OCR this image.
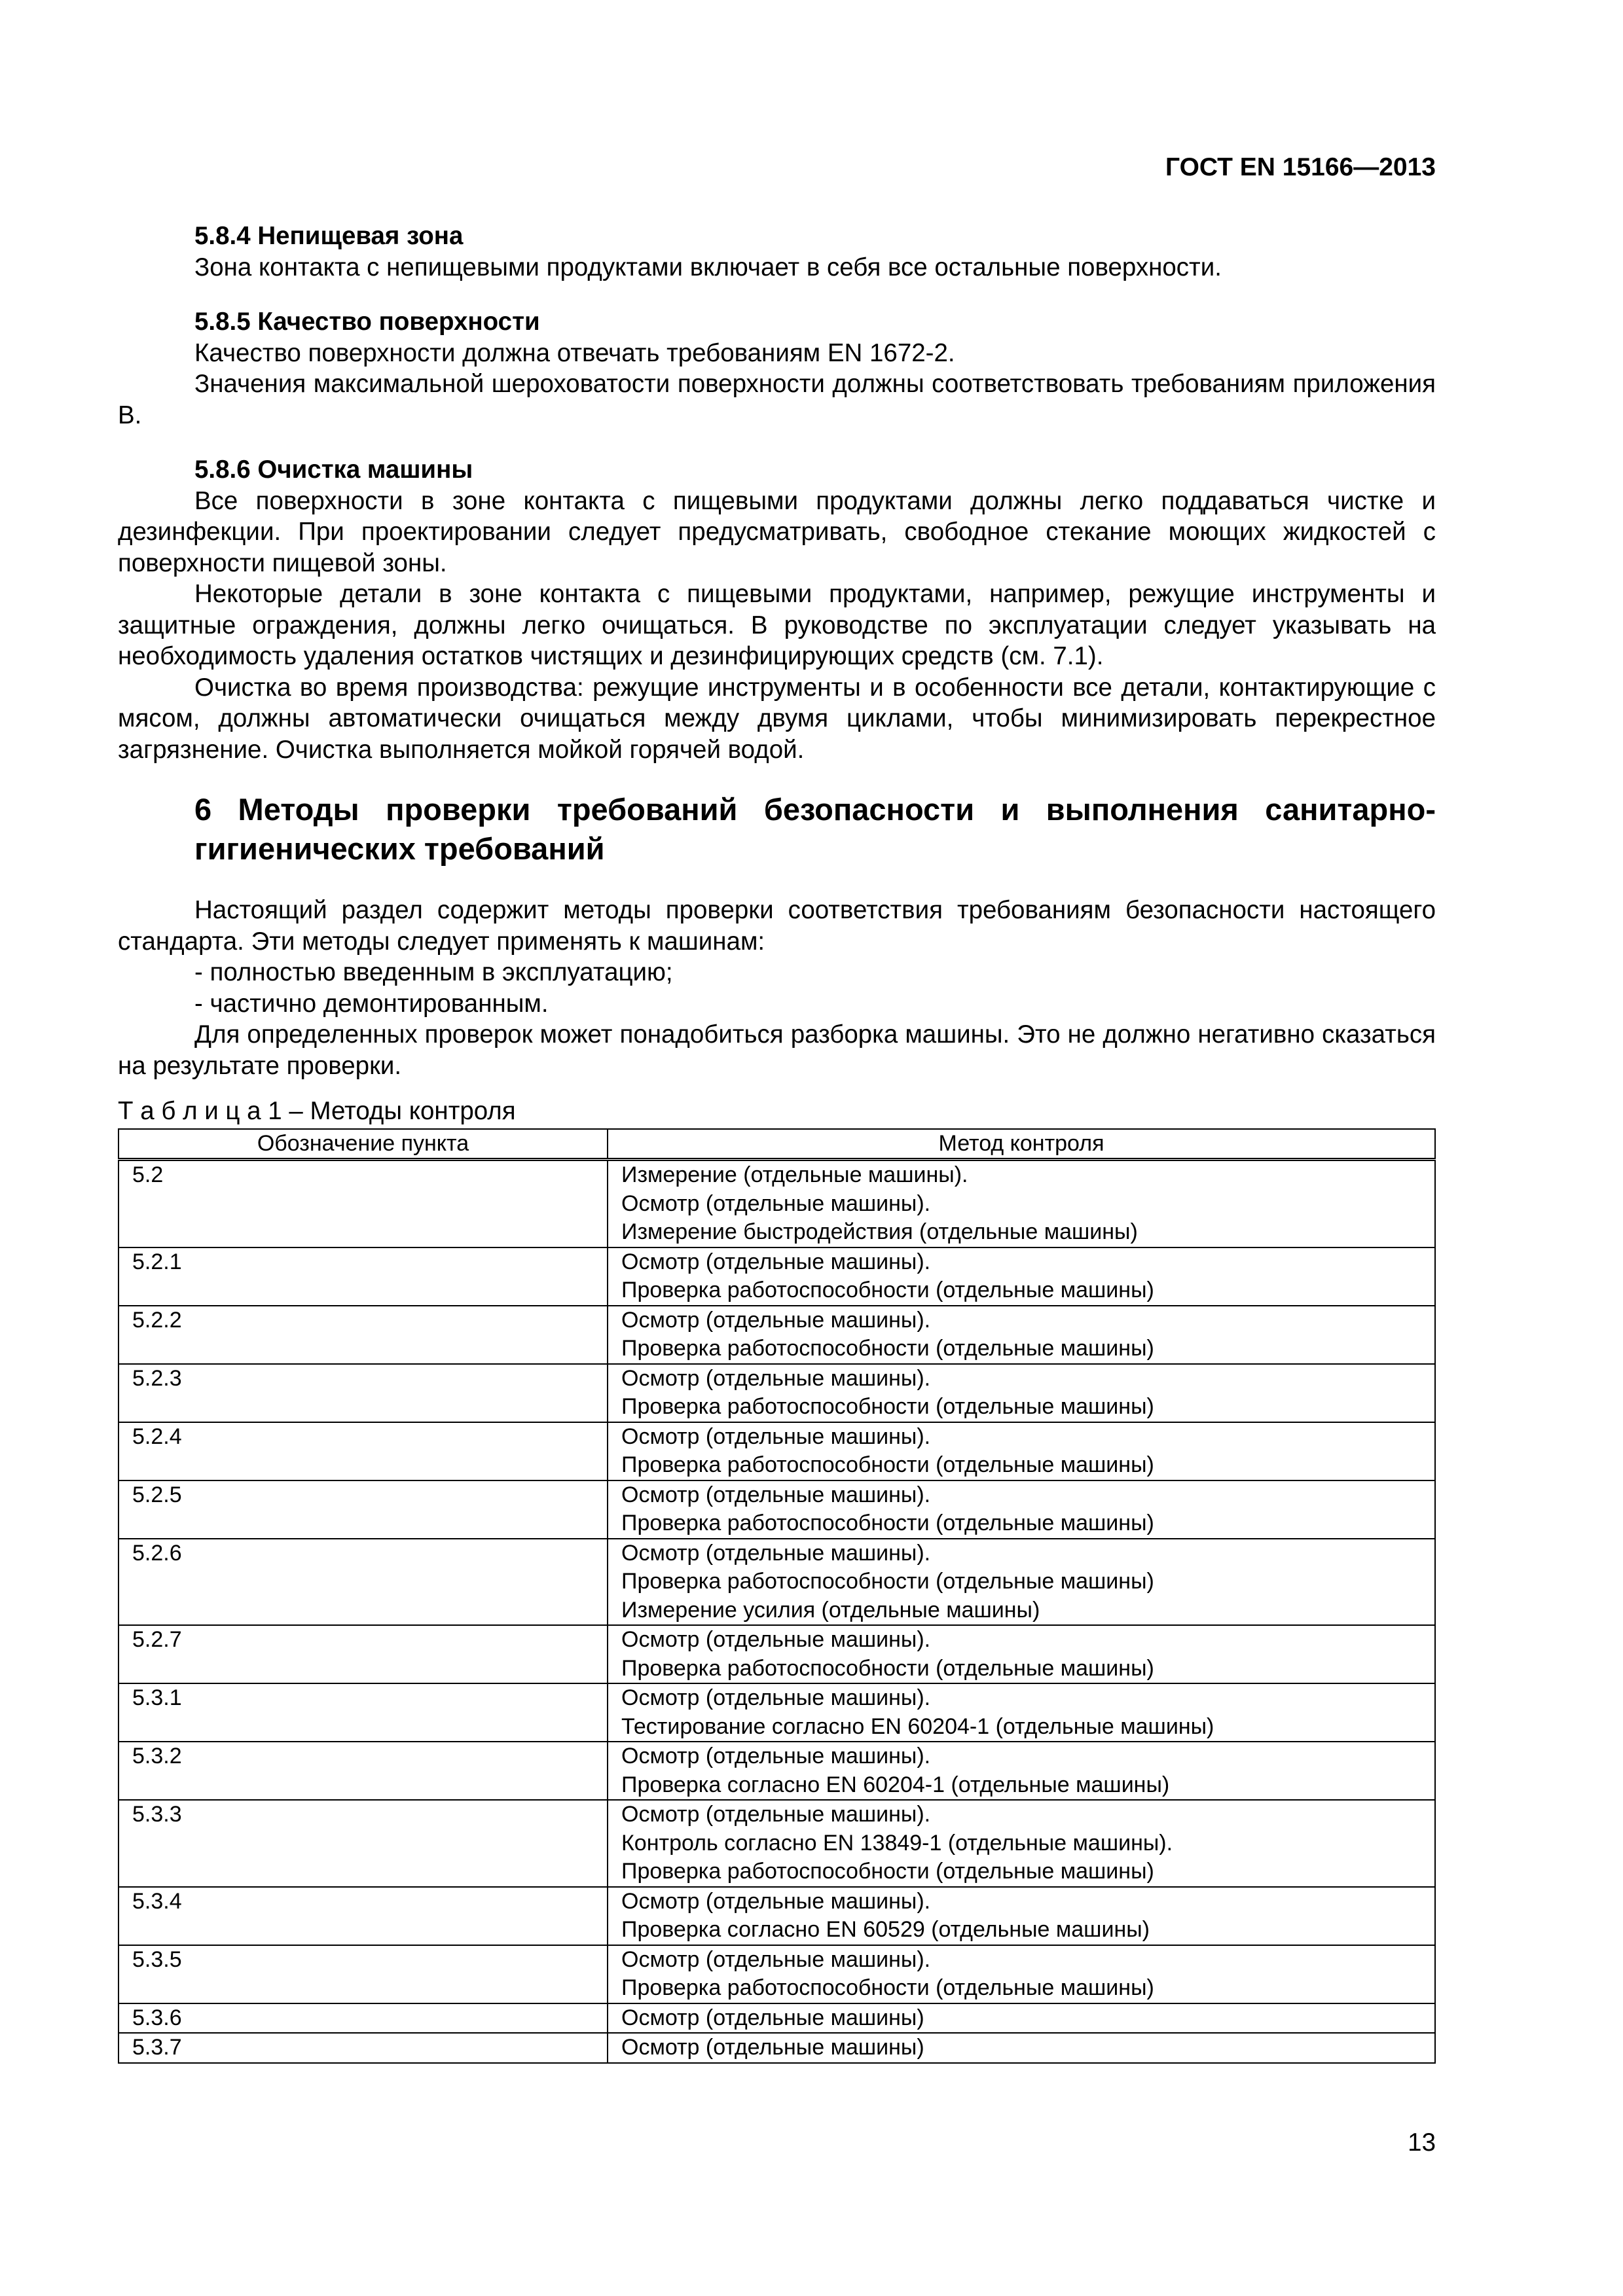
ГОСТ EN 15166—2013

5.8.4 Непищевая зона

Зона контакта с непищевыми продуктами включает в себя все остальные поверхности.

5.8.5 Качество поверхности

Качество поверхности должна отвечать требованиям EN 1672-2.

Значения максимальной шероховатости поверхности должны соответствовать требованиям приложения В.

5.8.6 Очистка машины

Все поверхности в зоне контакта с пищевыми продуктами должны легко поддаваться чистке и дезинфекции. При проектировании следует предусматривать, свободное стекание моющих жидкостей с поверхности пищевой зоны.

Некоторые детали в зоне контакта с пищевыми продуктами, например, режущие инструменты и защитные ограждения, должны легко очищаться. В руководстве по эксплуатации следует указывать на необходимость удаления остатков чистящих и дезинфицирующих средств (см. 7.1).

Очистка во время производства: режущие инструменты и в особенности все детали, контактирующие с мясом, должны автоматически очищаться между двумя циклами, чтобы минимизировать перекрестное загрязнение. Очистка выполняется мойкой горячей водой.

6 Методы проверки требований безопасности и выполнения санитарно-гигиенических требований

Настоящий раздел содержит методы проверки соответствия требованиям безопасности настоящего стандарта. Эти методы следует применять к машинам:

- полностью введенным в эксплуатацию;

- частично демонтированным.

Для определенных проверок может понадобиться разборка машины. Это не должно негативно сказаться на результате проверки.

Т а б л и ц а 1 – Методы контроля

Обозначение пункта	Метод контроля
5.2	Измерение (отдельные машины).
Осмотр (отдельные машины).
Измерение быстродействия (отдельные машины)
5.2.1	Осмотр (отдельные машины).
Проверка работоспособности (отдельные машины)
5.2.2	Осмотр (отдельные машины).
Проверка работоспособности (отдельные машины)
5.2.3	Осмотр (отдельные машины).
Проверка работоспособности (отдельные машины)
5.2.4	Осмотр (отдельные машины).
Проверка работоспособности (отдельные машины)
5.2.5	Осмотр (отдельные машины).
Проверка работоспособности (отдельные машины)
5.2.6	Осмотр (отдельные машины).
Проверка работоспособности (отдельные машины)
Измерение усилия (отдельные машины)
5.2.7	Осмотр (отдельные машины).
Проверка работоспособности (отдельные машины)
5.3.1	Осмотр (отдельные машины).
Тестирование согласно EN 60204-1 (отдельные машины)
5.3.2	Осмотр (отдельные машины).
Проверка согласно EN 60204-1 (отдельные машины)
5.3.3	Осмотр (отдельные машины).
Контроль согласно EN 13849-1 (отдельные машины).
Проверка работоспособности (отдельные машины)
5.3.4	Осмотр (отдельные машины).
Проверка согласно EN 60529 (отдельные машины)
5.3.5	Осмотр (отдельные машины).
Проверка работоспособности (отдельные машины)
5.3.6	Осмотр (отдельные машины)
5.3.7	Осмотр (отдельные машины)
13
